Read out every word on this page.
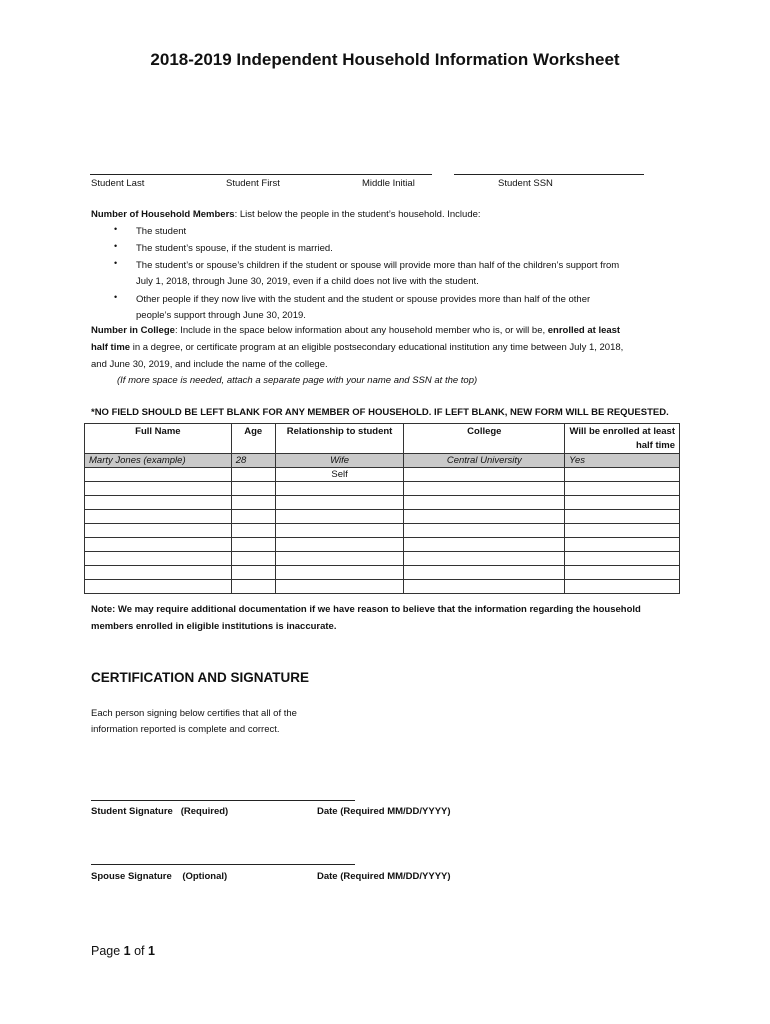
2018-2019 Independent Household Information Worksheet
Student Last	Student First	Middle Initial	Student SSN
Number of Household Members: List below the people in the student’s household. Include:
• The student
• The student’s spouse, if the student is married.
• The student’s or spouse’s children if the student or spouse will provide more than half of the children’s support from
July 1, 2018, through June 30, 2019, even if a child does not live with the student.
• Other people if they now live with the student and the student or spouse provides more than half of the other
people’s support through June 30, 2019.
Number in College: Include in the space below information about any household member who is, or will be, enrolled at least
half time in a degree, or certificate program at an eligible postsecondary educational institution any time between July 1, 2018,
and June 30, 2019, and include the name of the college.
(If more space is needed, attach a separate page with your name and SSN at the top)
*NO FIELD SHOULD BE LEFT BLANK FOR ANY MEMBER OF HOUSEHOLD. IF LEFT BLANK, NEW FORM WILL BE REQUESTED.
Full Name	Age	Relationship to student	College	Will be enrolled at least half time
Marty Jones (example)	28	Wife	Central University	Yes
		Self		

Note: We may require additional documentation if we have reason to believe that the information regarding the household
members enrolled in eligible institutions is inaccurate.
CERTIFICATION AND SIGNATURE
Each person signing below certifies that all of the
information reported is complete and correct.
Student Signature   (Required)	Date (Required MM/DD/YYYY)
Spouse Signature    (Optional)	Date (Required MM/DD/YYYY)
Page 1 of 1
